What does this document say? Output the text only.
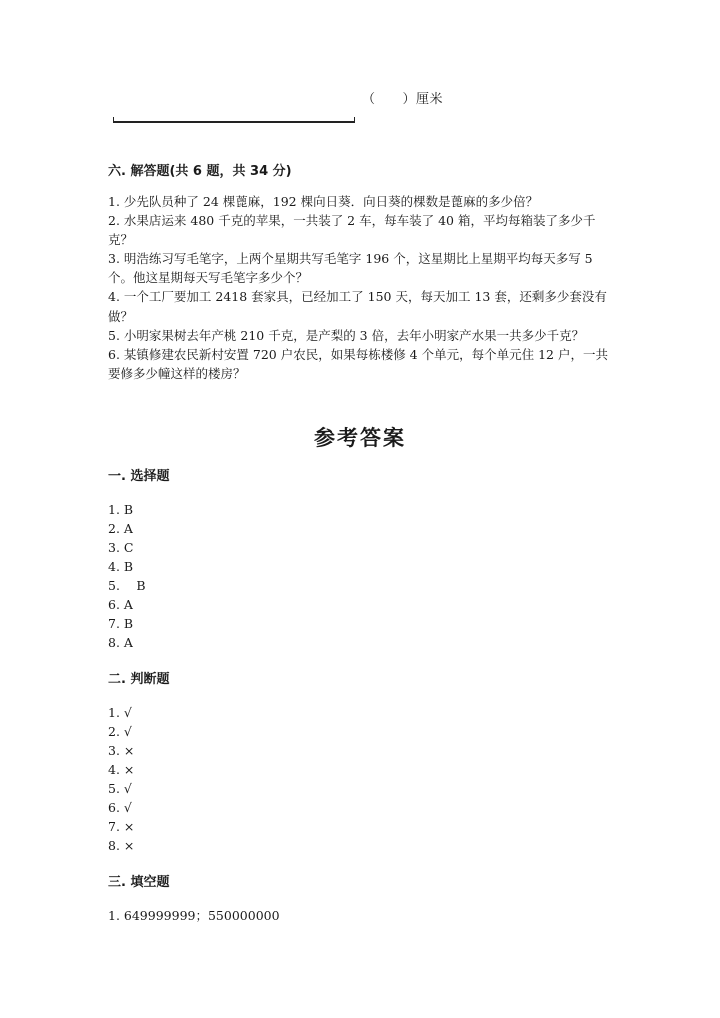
（　　）厘米
六. 解答题(共 6 题，共 34 分)
1. 少先队员种了 24 棵蓖麻，192 棵向日葵．向日葵的棵数是蓖麻的多少倍？
2. 水果店运来 480 千克的苹果，一共装了 2 车，每车装了 40 箱，平均每箱装了多少千克？
3. 明浩练习写毛笔字，上两个星期共写毛笔字 196 个，这星期比上星期平均每天多写 5 个。他这星期每天写毛笔字多少个？
4. 一个工厂要加工 2418 套家具，已经加工了 150 天，每天加工 13 套，还剩多少套没有做？
5. 小明家果树去年产桃 210 千克，是产梨的 3 倍，去年小明家产水果一共多少千克？
6. 某镇修建农民新村安置 720 户农民，如果每栋楼修 4 个单元，每个单元住 12 户，一共要修多少幢这样的楼房？
参考答案
一. 选择题
1. B
2. A
3. C
4. B
5.　 B
6. A
7. B
8. A
二. 判断题
1. √
2. √
3. ×
4. ×
5. √
6. √
7. ×
8. ×
三. 填空题
1. 649999999；550000000
